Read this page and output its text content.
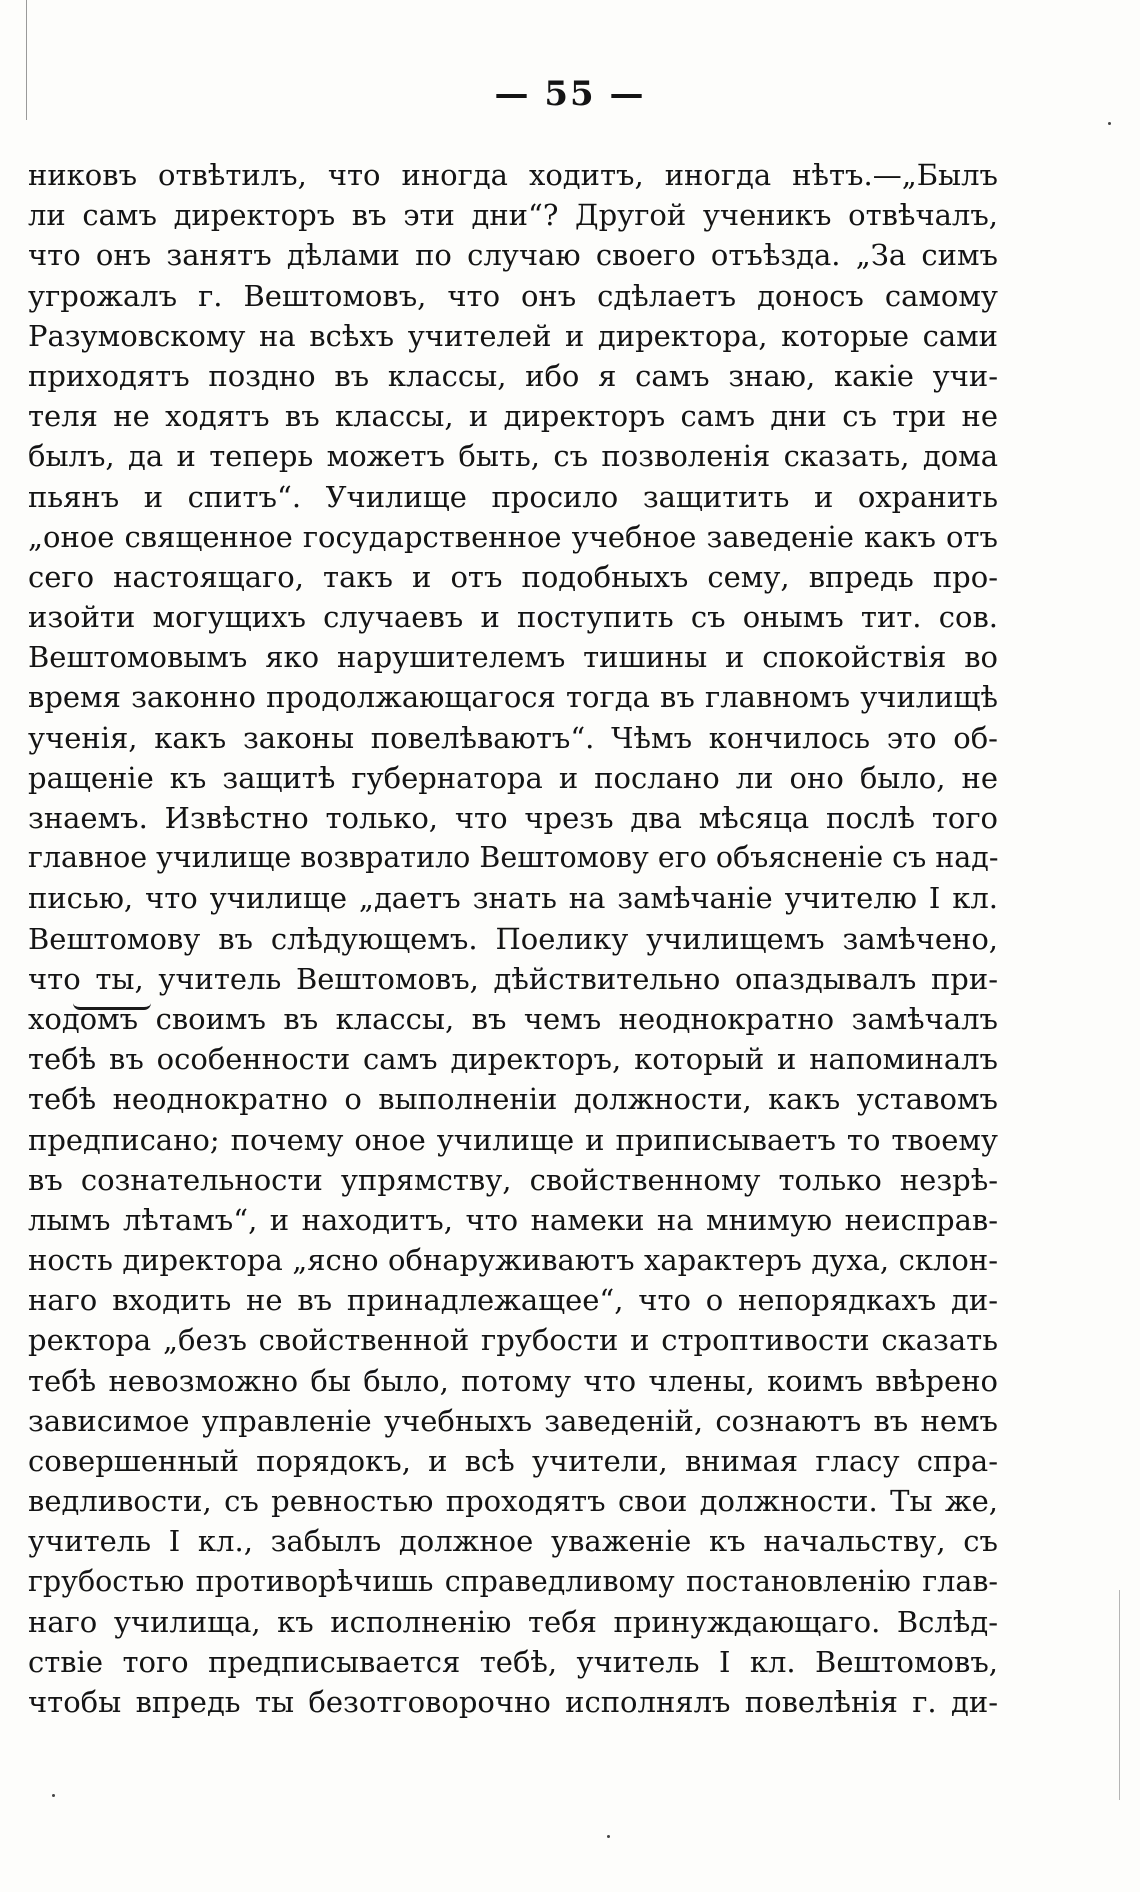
— 55 —
никовъ отвѣтилъ, что иногда ходитъ, иногда нѣтъ.—„Былъ
ли самъ директоръ въ эти дни“? Другой ученикъ отвѣчалъ,
что онъ занятъ дѣлами по случаю своего отъѣзда. „За симъ
угрожалъ г. Вештомовъ, что онъ сдѣлаетъ доносъ самому
Разумовскому на всѣхъ учителей и директора, которые сами
приходятъ поздно въ классы, ибо я самъ знаю, какіе учи-
теля не ходятъ въ классы, и директоръ самъ дни съ три не
былъ, да и теперь можетъ быть, съ позволенія сказать, дома
пьянъ и спитъ“. Училище просило защитить и охранить
„оное священное государственное учебное заведеніе какъ отъ
сего настоящаго, такъ и отъ подобныхъ сему, впредь про-
изойти могущихъ случаевъ и поступить съ онымъ тит. сов.
Вештомовымъ яко нарушителемъ тишины и спокойствія во
время законно продолжающагося тогда въ главномъ училищѣ
ученія, какъ законы повелѣваютъ“. Чѣмъ кончилось это об-
ращеніе къ защитѣ губернатора и послано ли оно было, не
знаемъ. Извѣстно только, что чрезъ два мѣсяца послѣ того
главное училище возвратило Вештомову его объясненіе съ над-
писью, что училище „даетъ знать на замѣчаніе учителю I кл.
Вештомову въ слѣдующемъ. Поелику училищемъ замѣчено,
что ты, учитель Вештомовъ, дѣйствительно опаздывалъ при-
ходомъ своимъ въ классы, въ чемъ неоднократно замѣчалъ
тебѣ въ особенности самъ директоръ, который и напоминалъ
тебѣ неоднократно о выполненіи должности, какъ уставомъ
предписано; почему оное училище и приписываетъ то твоему
въ сознательности упрямству, свойственному только незрѣ-
лымъ лѣтамъ“, и находитъ, что намеки на мнимую неисправ-
ность директора „ясно обнаруживаютъ характеръ духа, склон-
наго входить не въ принадлежащее“, что о непорядкахъ ди-
ректора „безъ свойственной грубости и строптивости сказать
тебѣ невозможно бы было, потому что члены, коимъ ввѣрено
зависимое управленіе учебныхъ заведеній, сознаютъ въ немъ
совершенный порядокъ, и всѣ учители, внимая гласу спра-
ведливости, съ ревностью проходятъ свои должности. Ты же,
учитель I кл., забылъ должное уваженіе къ начальству, съ
грубостью противорѣчишь справедливому постановленію глав-
наго училища, къ исполненію тебя принуждающаго. Вслѣд-
ствіе того предписывается тебѣ, учитель I кл. Вештомовъ,
чтобы впредь ты безотговорочно исполнялъ повелѣнія г. ди-
